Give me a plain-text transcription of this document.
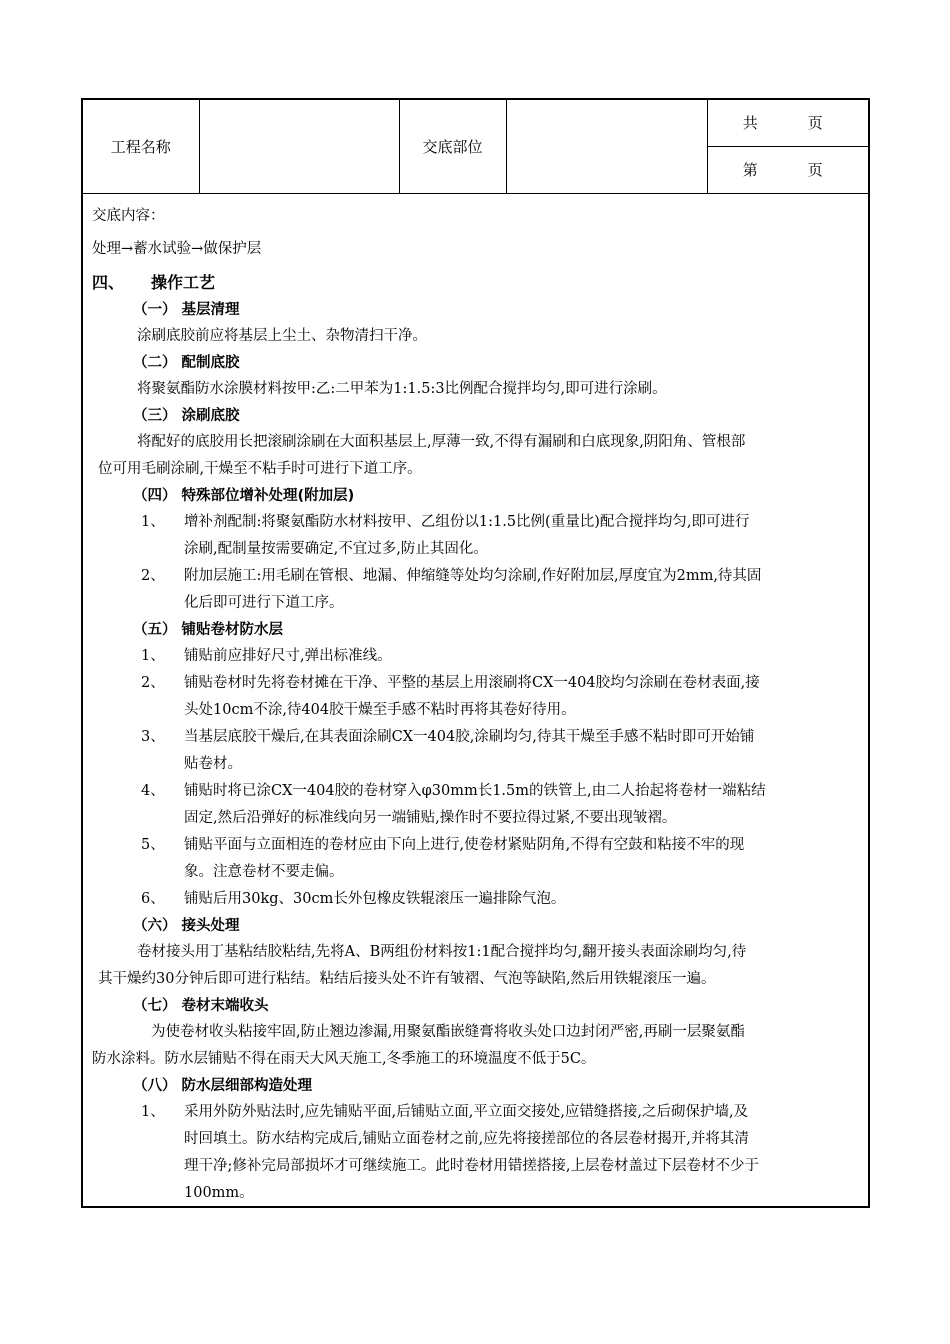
工程名称		交底部位		共	页
第	页
交底内容：
处理→蓄水试验→做保护层
四、 操作工艺
（一） 基层清理
涂刷底胶前应将基层上尘土、杂物清扫干净。
（二） 配制底胶
将聚氨酯防水涂膜材料按甲:乙:二甲苯为1:1.5:3比例配合搅拌均匀,即可进行涂刷。
（三） 涂刷底胶
将配好的底胶用长把滚刷涂刷在大面积基层上,厚薄一致,不得有漏刷和白底现象,阴阳角、管根部
位可用毛刷涂刷,干燥至不粘手时可进行下道工序。
（四） 特殊部位增补处理(附加层)
1、 增补剂配制:将聚氨酯防水材料按甲、乙组份以1:1.5比例(重量比)配合搅拌均匀,即可进行
涂刷,配制量按需要确定,不宜过多,防止其固化。
2、 附加层施工:用毛刷在管根、地漏、伸缩缝等处均匀涂刷,作好附加层,厚度宜为2mm,待其固
化后即可进行下道工序。
（五） 铺贴卷材防水层
1、 铺贴前应排好尺寸,弹出标准线。
2、 铺贴卷材时先将卷材摊在干净、平整的基层上用滚刷将CX一404胶均匀涂刷在卷材表面,接
头处10cm不涂,待404胶干燥至手感不粘时再将其卷好待用。
3、 当基层底胶干燥后,在其表面涂刷CX一404胶,涂刷均匀,待其干燥至手感不粘时即可开始铺
贴卷材。
4、 铺贴时将已涂CX一404胶的卷材穿入φ30mm长1.5m的铁管上,由二人抬起将卷材一端粘结
固定,然后沿弹好的标准线向另一端铺贴,操作时不要拉得过紧,不要出现皱褶。
5、 铺贴平面与立面相连的卷材应由下向上进行,使卷材紧贴阴角,不得有空鼓和粘接不牢的现
象。注意卷材不要走偏。
6、 铺贴后用30kg、30cm长外包橡皮铁辊滚压一遍排除气泡。
（六） 接头处理
卷材接头用丁基粘结胶粘结,先将A、B两组份材料按1:1配合搅拌均匀,翻开接头表面涂刷均匀,待
其干燥约30分钟后即可进行粘结。粘结后接头处不许有皱褶、气泡等缺陷,然后用铁辊滚压一遍。
（七） 卷材末端收头
为使卷材收头粘接牢固,防止翘边渗漏,用聚氨酯嵌缝膏将收头处口边封闭严密,再刷一层聚氨酯
防水涂料。防水层铺贴不得在雨天大风天施工,冬季施工的环境温度不低于5C。
（八） 防水层细部构造处理
1、 采用外防外贴法时,应先铺贴平面,后铺贴立面,平立面交接处,应错缝搭接,之后砌保护墙,及
时回填土。防水结构完成后,铺贴立面卷材之前,应先将接搓部位的各层卷材揭开,并将其清
理干净;修补完局部损坏才可继续施工。此时卷材用错搓搭接,上层卷材盖过下层卷材不少于
100mm。
